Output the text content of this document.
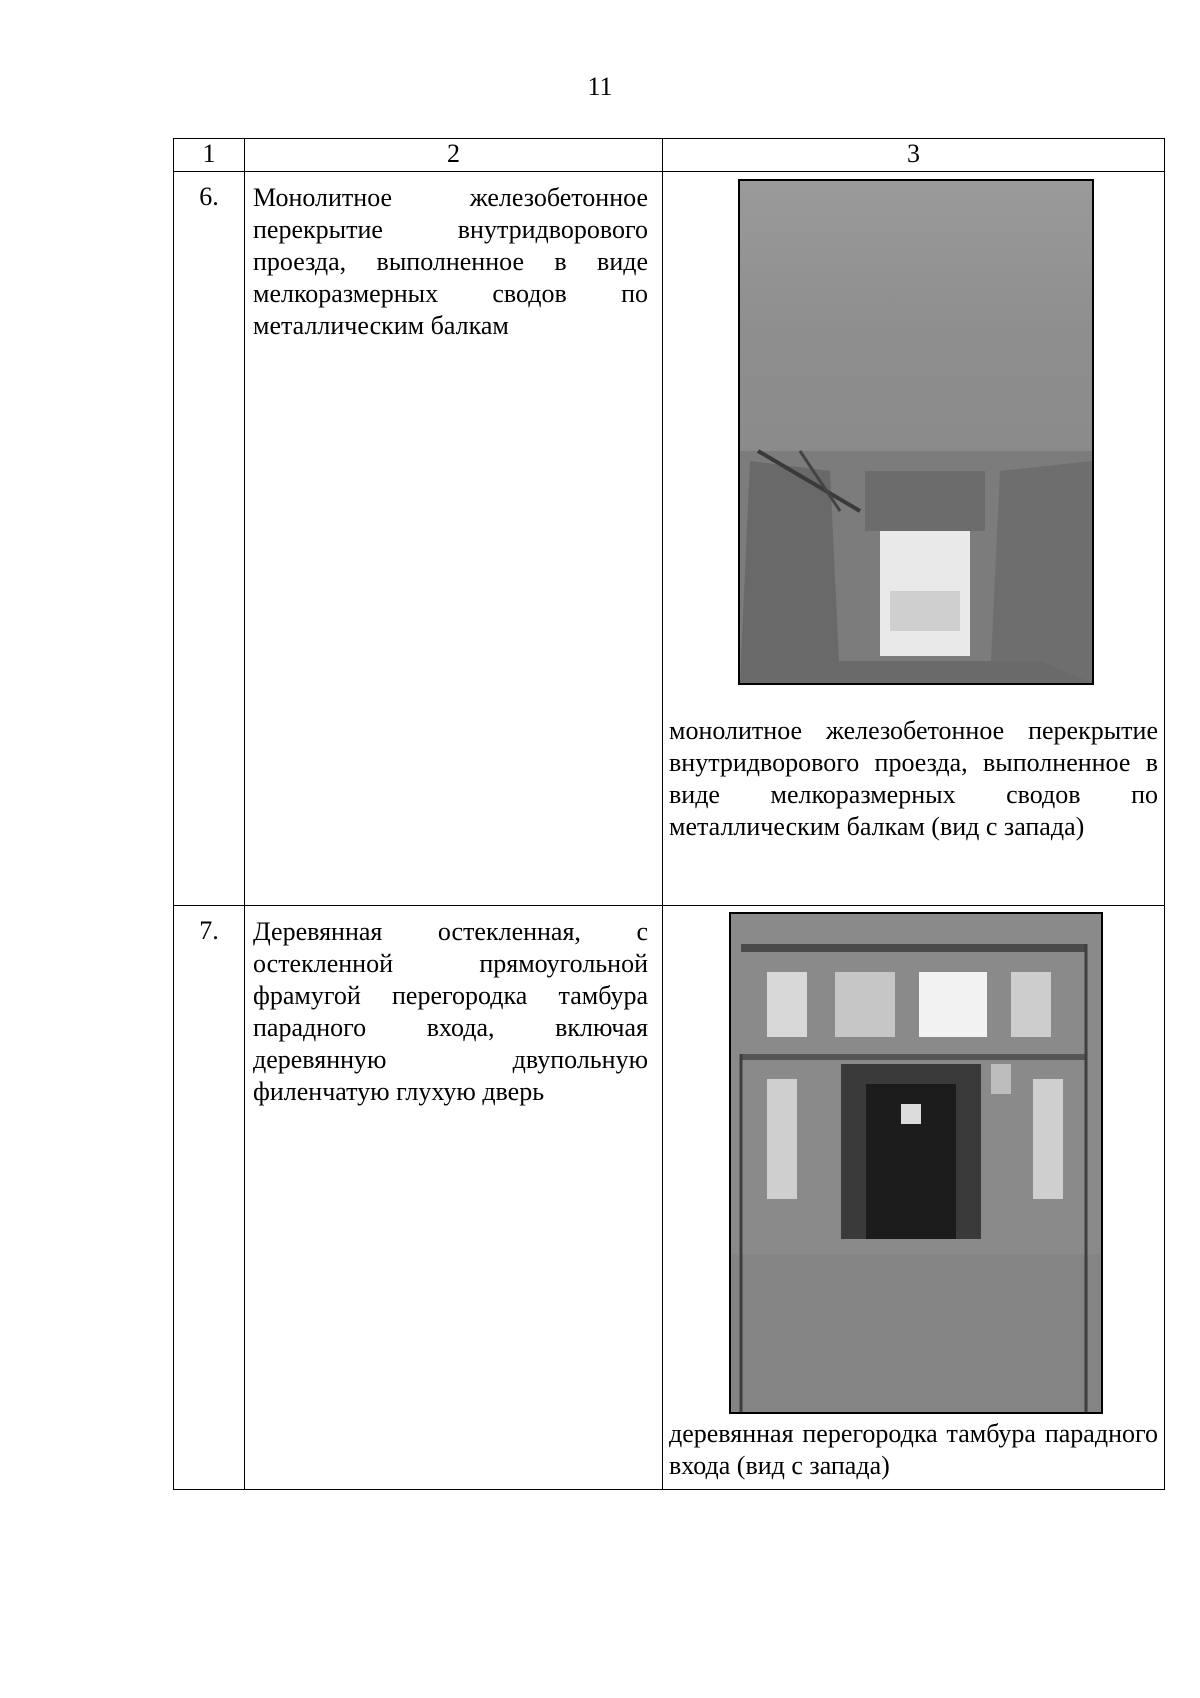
11
1	2	3
6.	Монолитное железобетонное перекрытие внутридворового проезда, выполненное в виде мелкоразмерных сводов по металлическим балкам	монолитное железобетонное перекрытие внутридворового проезда, выполненное в виде мелкоразмерных сводов по металлическим балкам (вид с запада)

7.	Деревянная остекленная, с остекленной прямоугольной фрамугой перегородка тамбура парадного входа, включая деревянную двупольную филенчатую глухую дверь	деревянная перегородка тамбура парадного входа (вид с запада)
